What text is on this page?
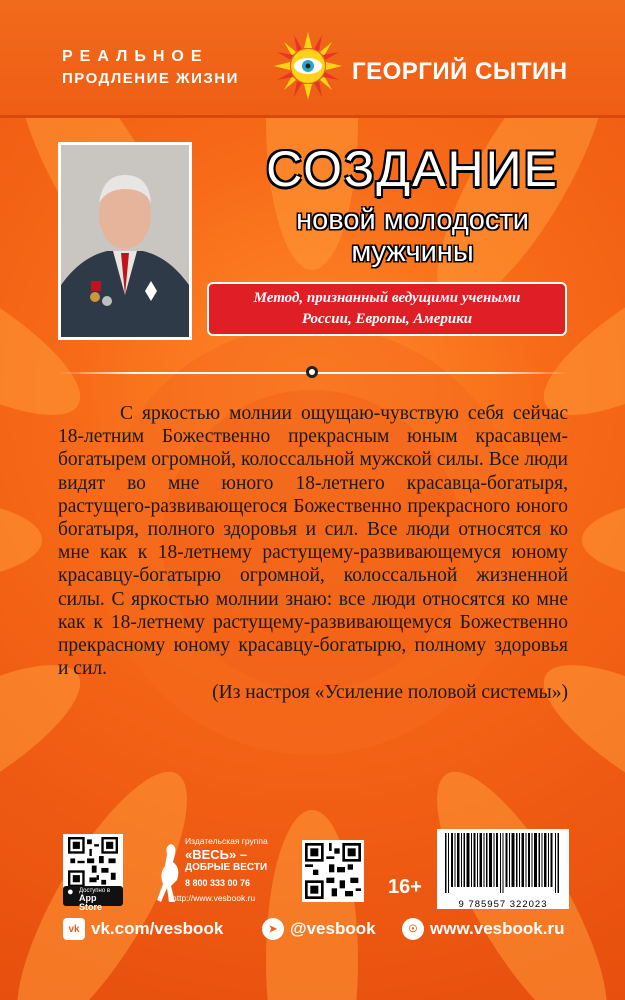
РЕАЛЬНОЕ
ПРОДЛЕНИЕ ЖИЗНИ	ГЕОРГИЙ СЫТИН
СОЗДАНИЕ
новой молодости
мужчины
Метод, признанный ведущими учеными
России, Европы, Америки
С яркостью молнии ощущаю-чувствую себя сейчас 18-летним Божественно прекрасным юным красавцем-богатырем огромной, колоссальной мужской силы. Все люди видят во мне юного 18-летнего красавца-богатыря, растущего-развивающегося Божественно прекрасного юного богатыря, полного здоровья и сил. Все люди относятся ко мне как к 18-летнему растущему-развивающемуся юному красавцу-богатырю огромной, колоссальной жизненной силы. С яркостью молнии знаю: все люди относятся ко мне как к 18-летнему растущему-развивающемуся Божественно прекрасному юному красавцу-богатырю, полному здоровья и сил.
(Из настроя «Усиление половой системы»)
● Доступно в
App Store
Издательская группа
«ВЕСЬ» –
ДОБРЫЕ ВЕСТИ
8 800 333 00 76
http://www.vesbook.ru	16+
9 785957 322023
vk vk.com/vesbook	➤ @vesbook	☉ www.vesbook.ru
